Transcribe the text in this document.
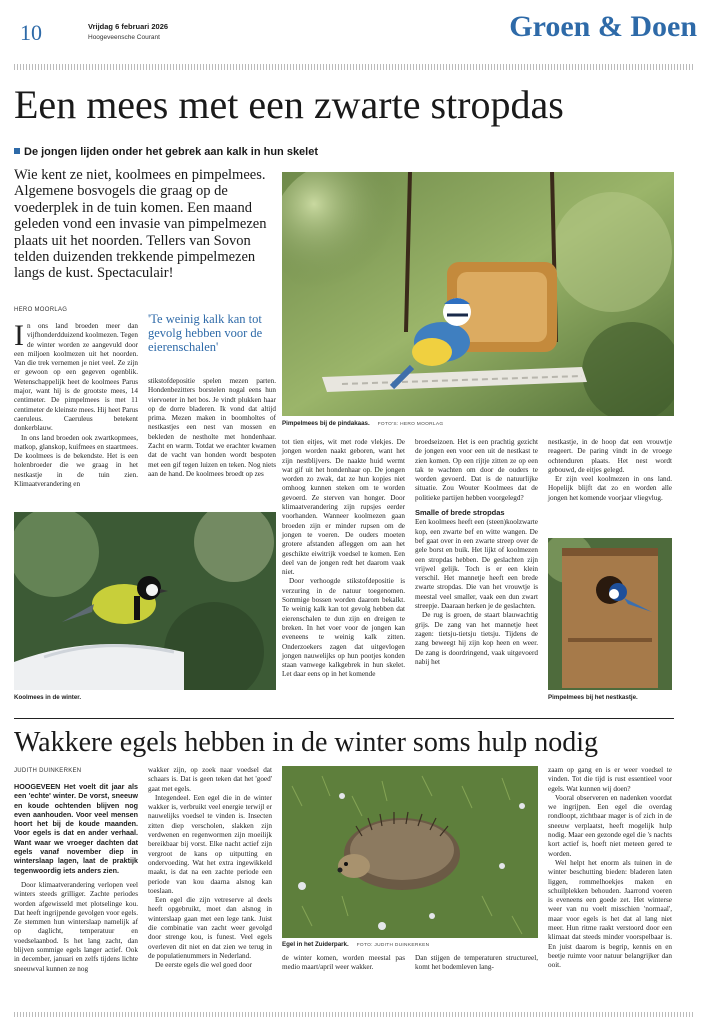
10	Vrijdag 6 februari 2026
Hoogeveensche Courant	Groen & Doen
Een mees met een zwarte stropdas
De jongen lijden onder het gebrek aan kalk in hun skelet
Wie kent ze niet, koolmees en pimpelmees. Algemene bosvogels die graag op de voederplek in de tuin komen. Een maand geleden vond een invasie van pimpelmezen plaats uit het noorden. Tellers van Sovon telden duizenden trekkende pimpelmezen langs de kust. Spectaculair!
HERO MOORLAG
Pimpelmees bij de pindakaas. FOTO'S: HERO MOORLAG
'Te weinig kalk kan tot gevolg hebben voor de eierenschalen'

In ons land broeden meer dan vijfhonderdduizend koolmezen. Tegen de winter worden ze aangevuld door een miljoen koolmezen uit het noorden. Van die trek vernemen je niet veel. Ze zijn er gewoon op een gegeven ogenblik. Wetenschappelijk heet de koolmees Parus major, want hij is de grootste mees, 14 centimeter. De pimpelmees is met 11 centimeter de kleinste mees. Hij heet Parus caeruleus. Caeruleus betekent donkerblauw.

In ons land broeden ook zwartkopmees, matkop, glanskop, kuifmees en staartmees. De koolmees is de bekendste. Het is een holenbroeder die we graag in het nestkastje in de tuin zien. Klimaatverandering en

stikstofdepositie spelen mezen parten. Hondenbezitters borstelen nogal eens hun viervoeter in het bos. Je vindt plukken haar op de dorre bladeren. Ik vond dat altijd prima. Mezen maken in boomholtes of nestkastjes een nest van mossen en bekleden de nestholte met hondenhaar. Zacht en warm. Totdat we erachter kwamen dat de vacht van honden wordt bespoten met een gif tegen luizen en teken. Nog niets aan de hand. De koolmees broedt op zes

Koolmees in de winter.

tot tien eitjes, wit met rode vlekjes. De jongen worden naakt geboren, want het zijn nestblijvers. De naakte huid wermt wat gif uit het hondenhaar op. De jongen worden zo zwak, dat ze hun kopjes niet omhoog kunnen steken om te worden gevoerd. Ze sterven van honger. Door klimaatverandering zijn rupsjes eerder voorhanden. Wanneer koolmezen gaan broeden zijn er minder rupsen om de jongen te voeren. De ouders moeten grotere afstanden afleggen om aan het geschikte eiwitrijk voedsel te komen. Een deel van de jongen redt het daarom vaak niet.

Door verhoogde stikstofdepositie is verzuring in de natuur toegenomen. Sommige bossen worden daarom bekalkt. Te weinig kalk kan tot gevolg hebben dat eierenschalen te dun zijn en dreigen te breken. In het voer voor de jongen kan eveneens te weinig kalk zitten. Onderzoekers zagen dat uitgevlogen jongen nauwelijks op hun pootjes konden staan vanwege kalkgebrek in hun skelet. Let daar eens op in het komende

broedseizoen. Het is een prachtig gezicht de jongen een voor een uit de nestkast te zien komen. Op een rijtje zitten ze op een tak te wachten om door de ouders te worden gevoerd. Dat is de natuurlijke situatie. Zou Wouter Koolmees dat de politieke partijen hebben voorgelegd?

Smalle of brede stropdas

Een koolmees heeft een (steen)koolzwarte kop, een zwarte bef en witte wangen. De bef gaat over in een zwarte streep over de gele borst en buik. Het lijkt of koolmezen een stropdas hebben. De geslachten zijn vrijwel gelijk. Toch is er een klein verschil. Het mannetje heeft een brede zwarte stropdas. Die van het vrouwtje is meestal veel smaller, vaak een dun zwart streepje. Daaraan herken je de geslachten.

De rug is groen, de staart blauwachtig grijs. De zang van het mannetje heet zagen: tietsju-tietsju tietsju. Tijdens de zang beweegt hij zijn kop heen en weer. De zang is doordringend, vaak uitgevoerd nabij het

nestkastje, in de hoop dat een vrouwtje reageert. De paring vindt in de vroege ochtenduren plaats. Het nest wordt gebouwd, de eitjes gelegd.

Er zijn veel koolmezen in ons land. Hopelijk blijft dat zo en worden alle jongen het komende voorjaar vliegvlug.

Pimpelmees bij het nestkastje.
Wakkere egels hebben in de winter soms hulp nodig
JUDITH DUINKERKEN

HOOGEVEEN Het voelt dit jaar als een 'echte' winter. De vorst, sneeuw en koude ochtenden blijven nog even aanhouden. Voor veel mensen hoort het bij de koude maanden. Voor egels is dat en ander verhaal. Want waar we vroeger dachten dat egels vanaf november diep in winterslaap lagen, laat de praktijk tegenwoordig iets anders zien.

Door klimaatverandering verlopen veel winters steeds grilliger. Zachte periodes worden afgewisseld met plotselinge kou. Dat heeft ingrijpende gevolgen voor egels. Ze stemmen hun winterslaap namelijk af op daglicht, temperatuur en voedselaanbod. Is het lang zacht, dan blijven sommige egels langer actief. Ook in december, januari en zelfs tijdens lichte sneeuwval kunnen ze nog

wakker zijn, op zoek naar voedsel dat schaars is. Dat is geen teken dat het 'goed' gaat met egels.

Integendeel. Een egel die in de winter wakker is, verbruikt veel energie terwijl er nauwelijks voedsel te vinden is. Insecten zitten diep verscholen, slakken zijn verdwenen en regenwormen zijn moeilijk bereikbaar bij vorst. Elke nacht actief zijn vergroot de kans op uitputting en ondervoeding. Wat het extra ingewikkeld maakt, is dat na een zachte periode een periode van kou daarna alsnog kan toeslaan.

Een egel die zijn vetreserve al deels heeft opgebruikt, moet dan alsnog in winterslaap gaan met een lege tank. Juist die combinatie van zacht weer gevolgd door strenge kou, is funest. Veel egels overleven dit niet en dat zien we terug in de populatienummers in Nederland.

De eerste egels die wel goed door

Egel in het Zuiderpark. FOTO: JUDITH DUINKERKEN

de winter komen, worden meestal pas medio maart/april weer wakker.

Dan stijgen de temperaturen structureel, komt het bodemleven lang-

zaam op gang en is er weer voedsel te vinden. Tot die tijd is rust essentieel voor egels. Wat kunnen wij doen?

Vooral observeren en nadenken voordat we ingrijpen. Een egel die overdag rondloopt, zichtbaar mager is of zich in de sneeuw verplaatst, heeft mogelijk hulp nodig. Maar een gezonde egel die 's nachts kort actief is, hoeft niet meteen gered te worden.

Wel helpt het enorm als tuinen in de winter beschutting bieden: bladeren laten liggen, rommelhoekjes maken en schuilplekken behouden. Jaarrond voeren is eveneens een goede zet. Het winterse weer van nu voelt misschien 'normaal', maar voor egels is het dat al lang niet meer. Hun ritme raakt verstoord door een klimaat dat steeds minder voorspelbaar is. En juist daarom is begrip, kennis en en beetje ruimte voor natuur belangrijker dan ooit.
